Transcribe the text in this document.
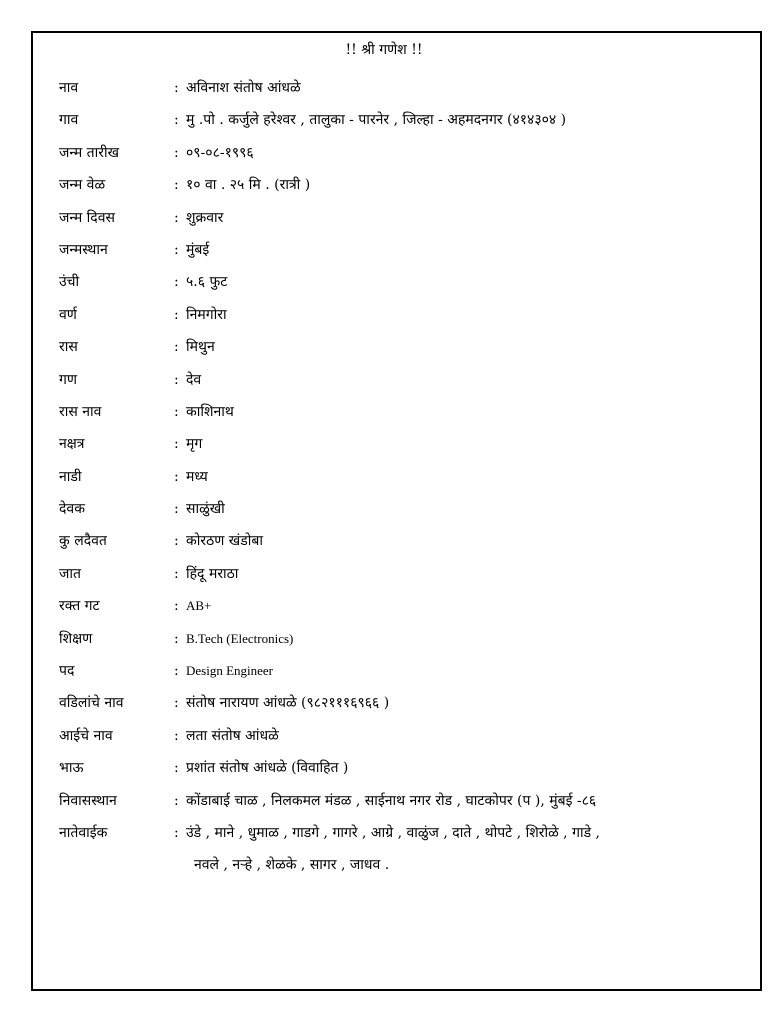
!! श्री गणेश !!
नाव	: अविनाश संतोष आंधळे
गाव	: मु .पो . कर्जुले हरेश्वर , तालुका - पारनेर , जिल्हा - अहमदनगर (४१४३०४ )
जन्म तारीख	: ०९-०८-१९९६
जन्म वेळ	: १० वा . २५ मि . (रात्री )
जन्म दिवस	: शुक्रवार
जन्मस्थान	: मुंबई
उंची	: ५.६ फुट
वर्ण	: निमगोरा
रास	: मिथुन
गण	: देव
रास नाव	: काशिनाथ
नक्षत्र	: मृग
नाडी	: मध्य
देवक	: साळुंखी
कु लदैवत	: कोरठण खंडोबा
जात	: हिंदू मराठा
रक्त गट	: AB+
शिक्षण	: B.Tech (Electronics)
पद	: Design Engineer
वडिलांचे नाव	: संतोष नारायण आंधळे (९८२१११६९६६ )
आईचे नाव	: लता संतोष आंधळे
भाऊ	: प्रशांत संतोष आंधळे (विवाहित )
निवासस्थान	: कोंडाबाई चाळ , निलकमल मंडळ , साईनाथ नगर रोड , घाटकोपर (प ), मुंबई -८६
नातेवाईक	: उंडे , माने , धुमाळ , गाडगे , गागरे , आग्रे , वाळुंज , दाते , थोपटे , शिरोळे , गाडे ,
नवले , नऱ्हे , शेळके , सागर , जाधव .
